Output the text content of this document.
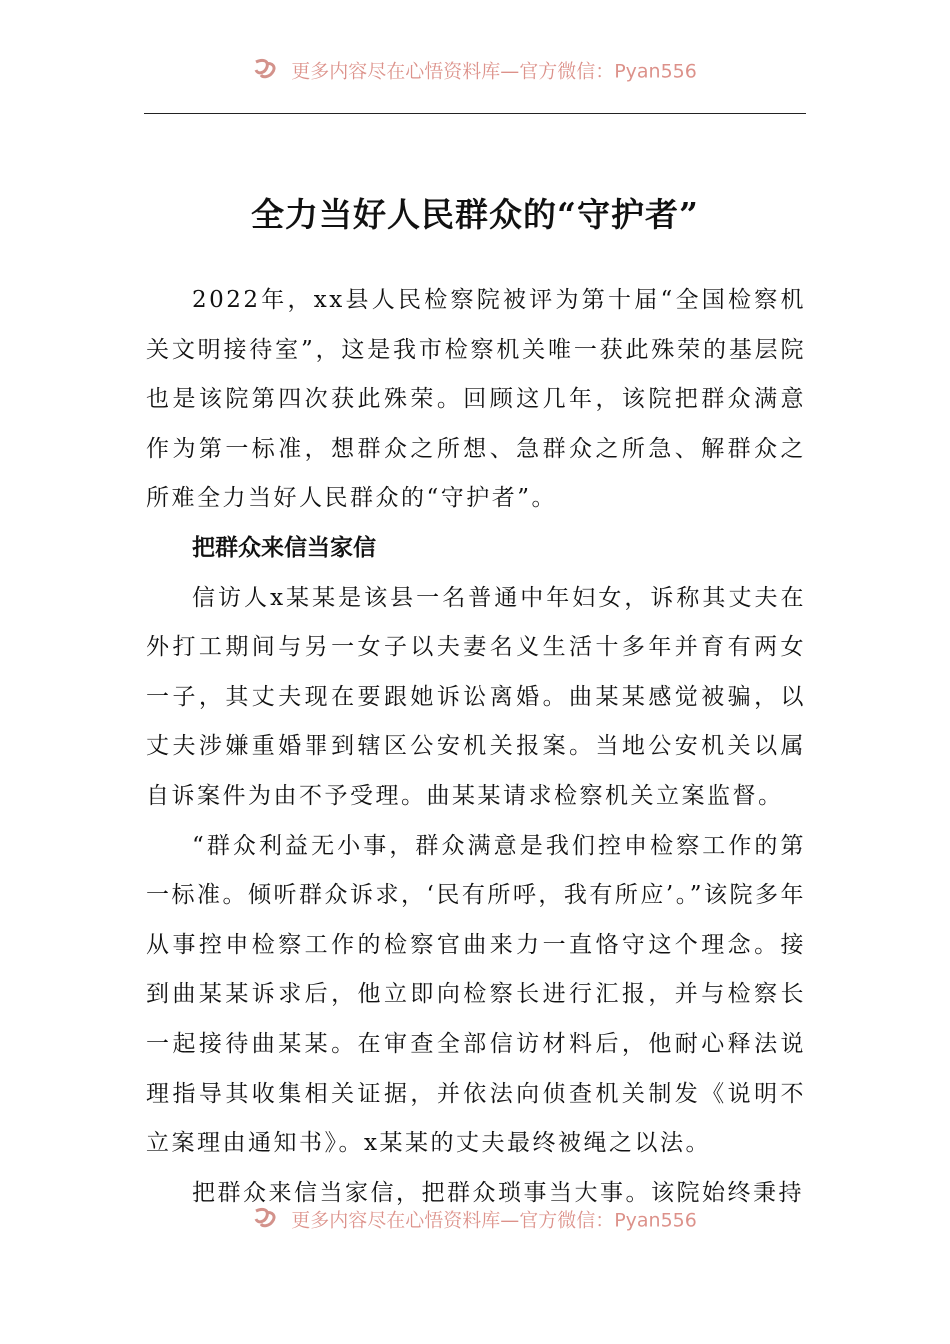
更多内容尽在心悟资料库—官方微信：Pyan556
全力当好人民群众的“守护者”

2022年，xx县人民检察院被评为第十届“全国检察机关文明接待室”，这是我市检察机关唯一获此殊荣的基层院也是该院第四次获此殊荣。回顾这几年，该院把群众满意作为第一标准，想群众之所想、急群众之所急、解群众之所难全力当好人民群众的“守护者”。

把群众来信当家信

信访人x某某是该县一名普通中年妇女，诉称其丈夫在外打工期间与另一女子以夫妻名义生活十多年并育有两女一子，其丈夫现在要跟她诉讼离婚。曲某某感觉被骗，以丈夫涉嫌重婚罪到辖区公安机关报案。当地公安机关以属自诉案件为由不予受理。曲某某请求检察机关立案监督。

“群众利益无小事，群众满意是我们控申检察工作的第一标准。倾听群众诉求，‘民有所呼，我有所应’。”该院多年从事控申检察工作的检察官曲来力一直恪守这个理念。接到曲某某诉求后，他立即向检察长进行汇报，并与检察长一起接待曲某某。在审查全部信访材料后，他耐心释法说理指导其收集相关证据，并依法向侦查机关制发《说明不立案理由通知书》。x某某的丈夫最终被绳之以法。

把群众来信当家信，把群众琐事当大事。该院始终秉持

更多内容尽在心悟资料库—官方微信：Pyan556
